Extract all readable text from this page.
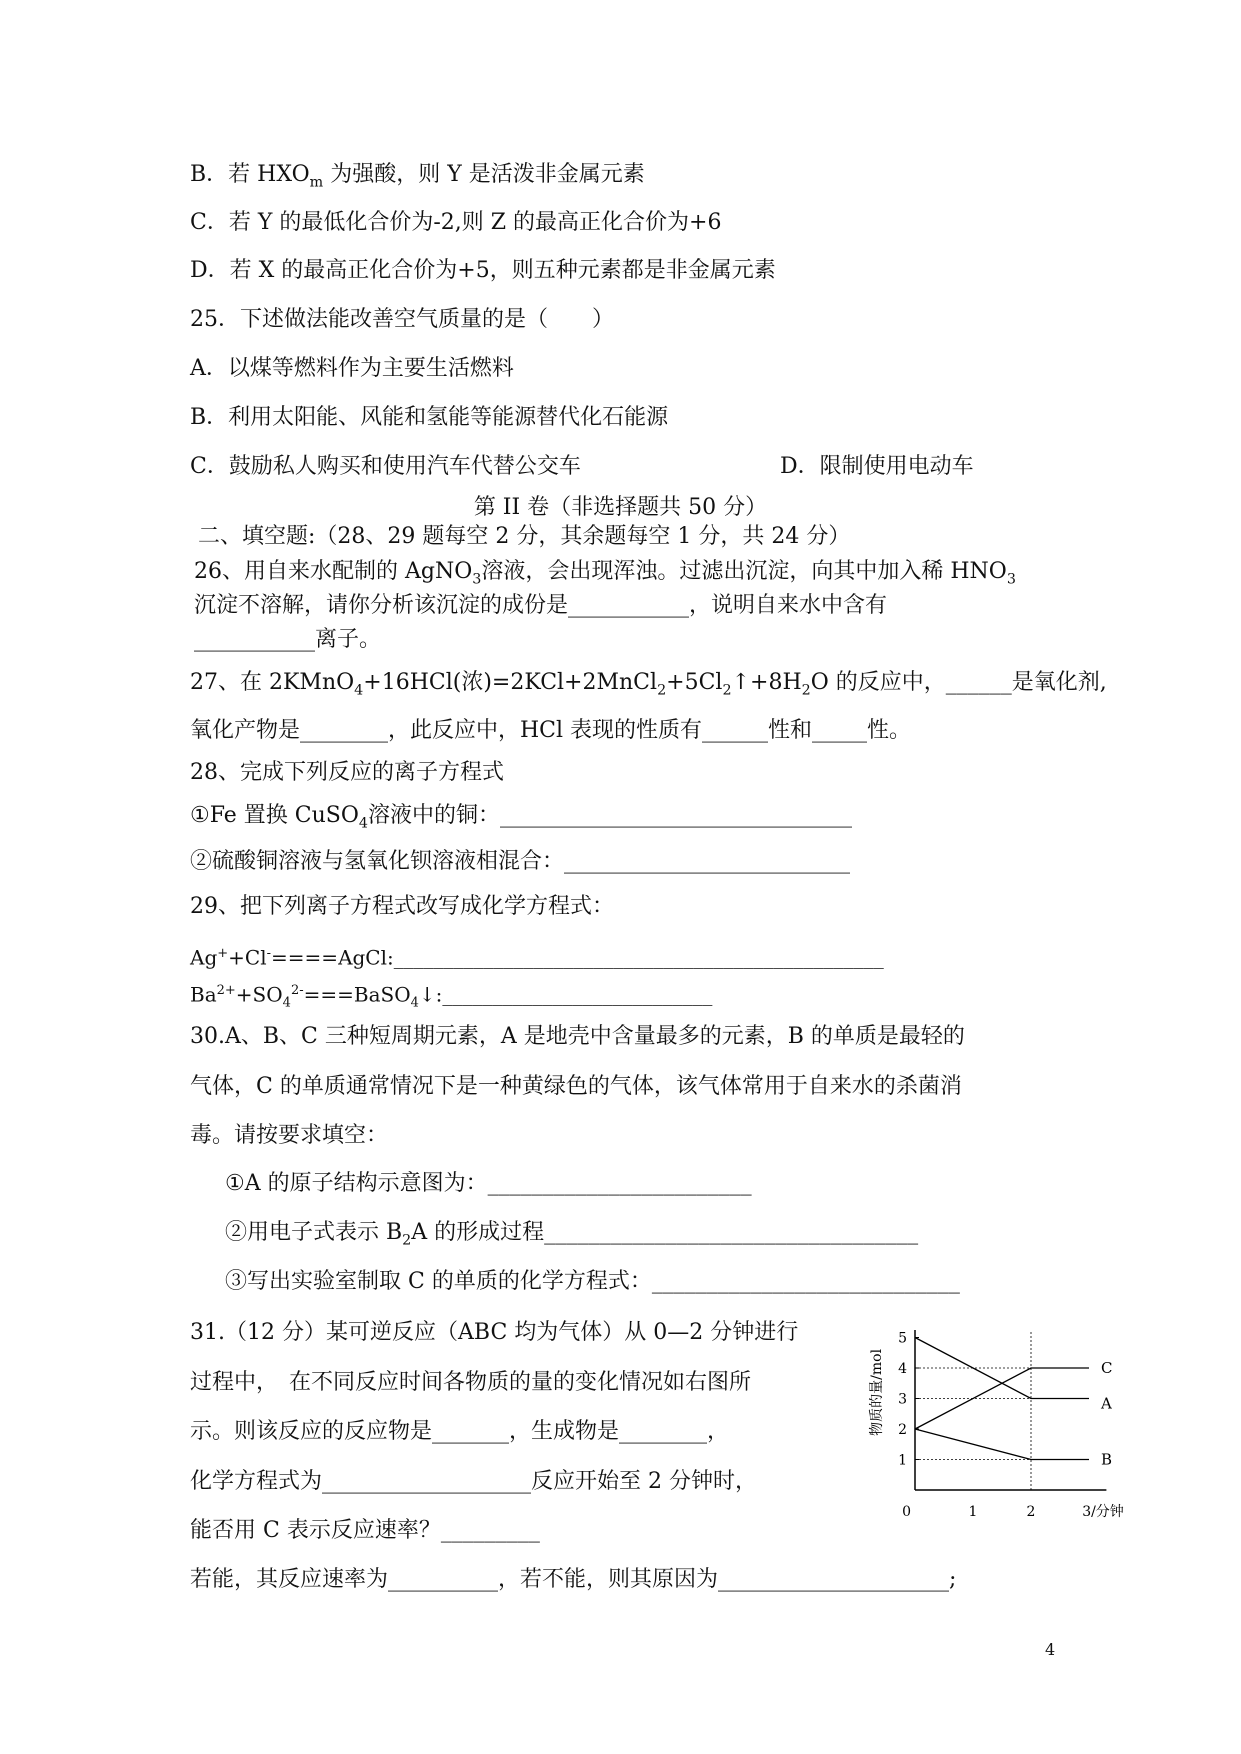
B．若 $HXO_m$ 为强酸，则 Y 是活泼非金属元素
C．若 Y 的最低化合价为-2,则 Z 的最高正化合价为+6
D．若 X 的最高正化合价为+5，则五种元素都是非金属元素
25．下述做法能改善空气质量的是（　　）
A．以煤等燃料作为主要生活燃料
B．利用太阳能、风能和氢能等能源替代化石能源
C．鼓励私人购买和使用汽车代替公交车	D．限制使用电动车
第 II 卷（非选择题共 50 分）
二、填空题:（28、29 题每空 2 分，其余题每空 1 分，共 24 分）
26、用自来水配制的 AgNO$_3$溶液，会出现浑浊。过滤出沉淀，向其中加入稀 $HNO_3$
沉淀不溶解，请你分析该沉淀的成份是___________，说明自来水中含有
___________离子。
27、在 2KMnO$_4$+16HCl(浓)$=2KCl+2MnCl_2+5Cl_2↑+8H_2O$ 的反应中，______是氧化剂,
氧化产物是________，此反应中，HCl 表现的性质有______性和_____性。
28、完成下列反应的离子方程式
①Fe 置换 CuSO$_4$溶液中的铜：________________________________
②硫酸铜溶液与氢氧化钡溶液相混合：__________________________
29、把下列离子方程式改写成化学方程式：
Ag++Cl-====AgCl:_________________________________________________
$Ba^{2+}+SO_4^{2-}===BaSO_4↓:\_\_\_\_\_\_\_\_\_\_\_\_\_\_\_\_\_\_\_\_\_\_\_\_\_\_\_$
30.A、B、C 三种短周期元素，A 是地壳中含量最多的元素，B 的单质是最轻的
气体，C 的单质通常情况下是一种黄绿色的气体，该气体常用于自来水的杀菌消
毒。请按要求填空：
①A 的原子结构示意图为：________________________
②用电子式表示 $B_2A$ 的形成过程__________________________________
③写出实验室制取 C 的单质的化学方程式：____________________________
31.（12 分）某可逆反应（ABC 均为气体）从 0—2 分钟进行
过程中，　在不同反应时间各物质的量的变化情况如右图所
示。则该反应的反应物是_______，生成物是________，
化学方程式为___________________反应开始至 2 分钟时，
能否用 C 表示反应速率？_________
若能，其反应速率为__________，若不能，则其原因为_____________________;
1
2
3
4
5
0	1	2	3/分钟
物质的量/mol	C
A
B
4
